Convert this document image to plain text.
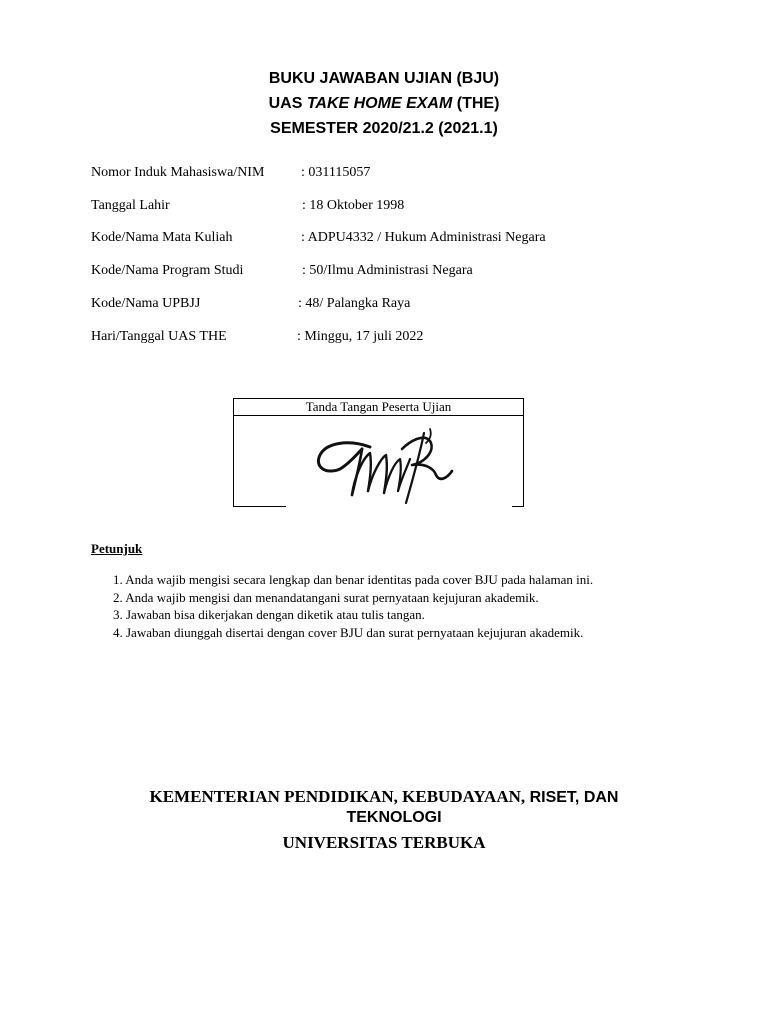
BUKU JAWABAN UJIAN (BJU)
UAS TAKE HOME EXAM (THE)
SEMESTER 2020/21.2 (2021.1)
Nomor Induk Mahasiswa/NIM	: 031115057
Tanggal Lahir	: 18 Oktober 1998
Kode/Nama Mata Kuliah	: ADPU4332 / Hukum Administrasi Negara
Kode/Nama Program Studi	: 50/Ilmu Administrasi Negara
Kode/Nama UPBJJ	: 48/ Palangka Raya
Hari/Tanggal UAS THE	: Minggu, 17 juli 2022
Tanda Tangan Peserta Ujian
Petunjuk
1. Anda wajib mengisi secara lengkap dan benar identitas pada cover BJU pada halaman ini.
2. Anda wajib mengisi dan menandatangani surat pernyataan kejujuran akademik.
3. Jawaban bisa dikerjakan dengan diketik atau tulis tangan.
4. Jawaban diunggah disertai dengan cover BJU dan surat pernyataan kejujuran akademik.
KEMENTERIAN PENDIDIKAN, KEBUDAYAAN, RISET, DAN
TEKNOLOGI
UNIVERSITAS TERBUKA
